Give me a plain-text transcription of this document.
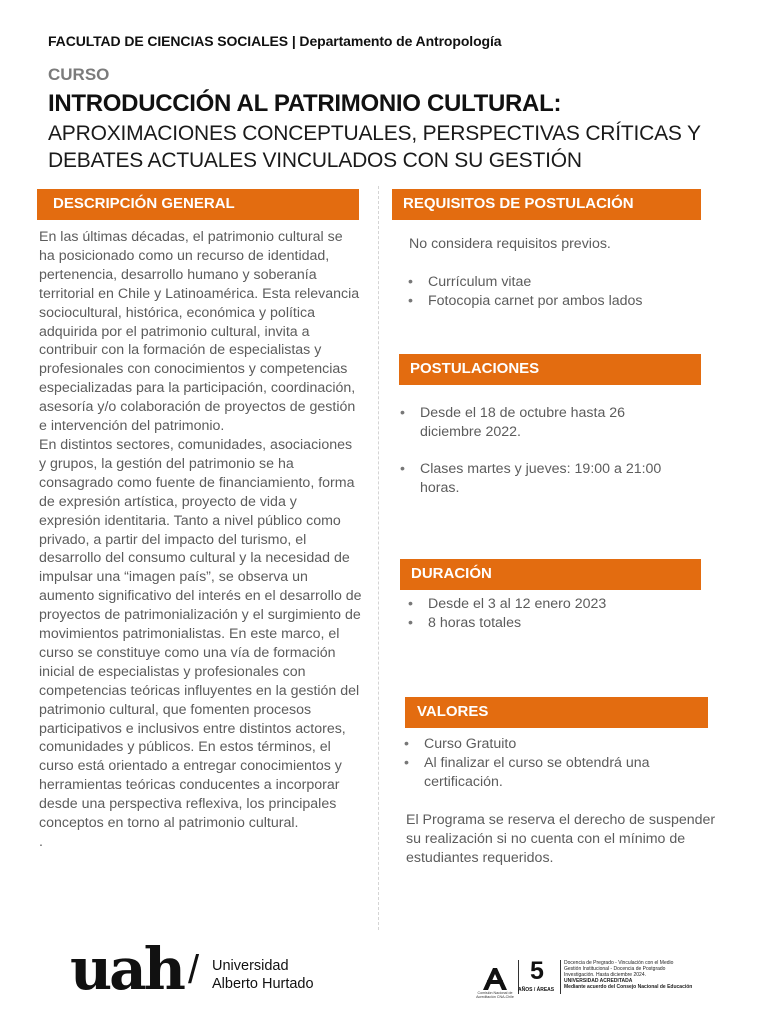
FACULTAD DE CIENCIAS SOCIALES | Departamento de Antropología
CURSO
INTRODUCCIÓN AL PATRIMONIO CULTURAL:
APROXIMACIONES CONCEPTUALES, PERSPECTIVAS CRÍTICAS Y DEBATES ACTUALES VINCULADOS CON SU GESTIÓN
DESCRIPCIÓN GENERAL

En las últimas décadas, el patrimonio cultural se ha posicionado como un recurso de identidad, pertenencia, desarrollo humano y soberanía territorial en Chile y Latinoamérica. Esta relevancia sociocultural, histórica, económica y política adquirida por el patrimonio cultural, invita a contribuir con la formación de especialistas y profesionales con conocimientos y competencias especializadas para la participación, coordinación, asesoría y/o colaboración de proyectos de gestión e intervención del patrimonio.

En distintos sectores, comunidades, asociaciones y grupos, la gestión del patrimonio se ha consagrado como fuente de financiamiento, forma de expresión artística, proyecto de vida y expresión identitaria. Tanto a nivel público como privado, a partir del impacto del turismo, el desarrollo del consumo cultural y la necesidad de impulsar una “imagen país”, se observa un aumento significativo del interés en el desarrollo de proyectos de patrimonialización y el surgimiento de movimientos patrimonialistas. En este marco, el curso se constituye como una vía de formación inicial de especialistas y profesionales con competencias teóricas influyentes en la gestión del patrimonio cultural, que fomenten procesos participativos e inclusivos entre distintos actores, comunidades y públicos. En estos términos, el curso está orientado a entregar conocimientos y herramientas teóricas conducentes a incorporar desde una perspectiva reflexiva, los principales conceptos en torno al patrimonio cultural.

.

REQUISITOS DE POSTULACIÓN
No considera requisitos previos.
• Currículum vitae
• Fotocopia carnet por ambos lados
POSTULACIONES
• Desde el 18 de octubre hasta 26 diciembre 2022.
• Clases martes y jueves: 19:00 a 21:00 horas.
DURACIÓN
• Desde el 3 al 12 enero 2023
• 8 horas totales
VALORES
• Curso Gratuito
• Al finalizar el curso se obtendrá una certificación.
El Programa se reserva el derecho de suspender su realización si no cuenta con el mínimo de estudiantes requeridos.
uah / Universidad
Alberto Hurtado
Comisión Nacional de Acreditación CNA-Chile
5
AÑOS / ÁREAS
Docencia de Pregrado - Vinculación con el Medio
Gestión Institucional - Docencia de Postgrado
Investigación. Hasta diciembre 2024.
UNIVERSIDAD ACREDITADA
Mediante acuerdo del Consejo Nacional de Educación
